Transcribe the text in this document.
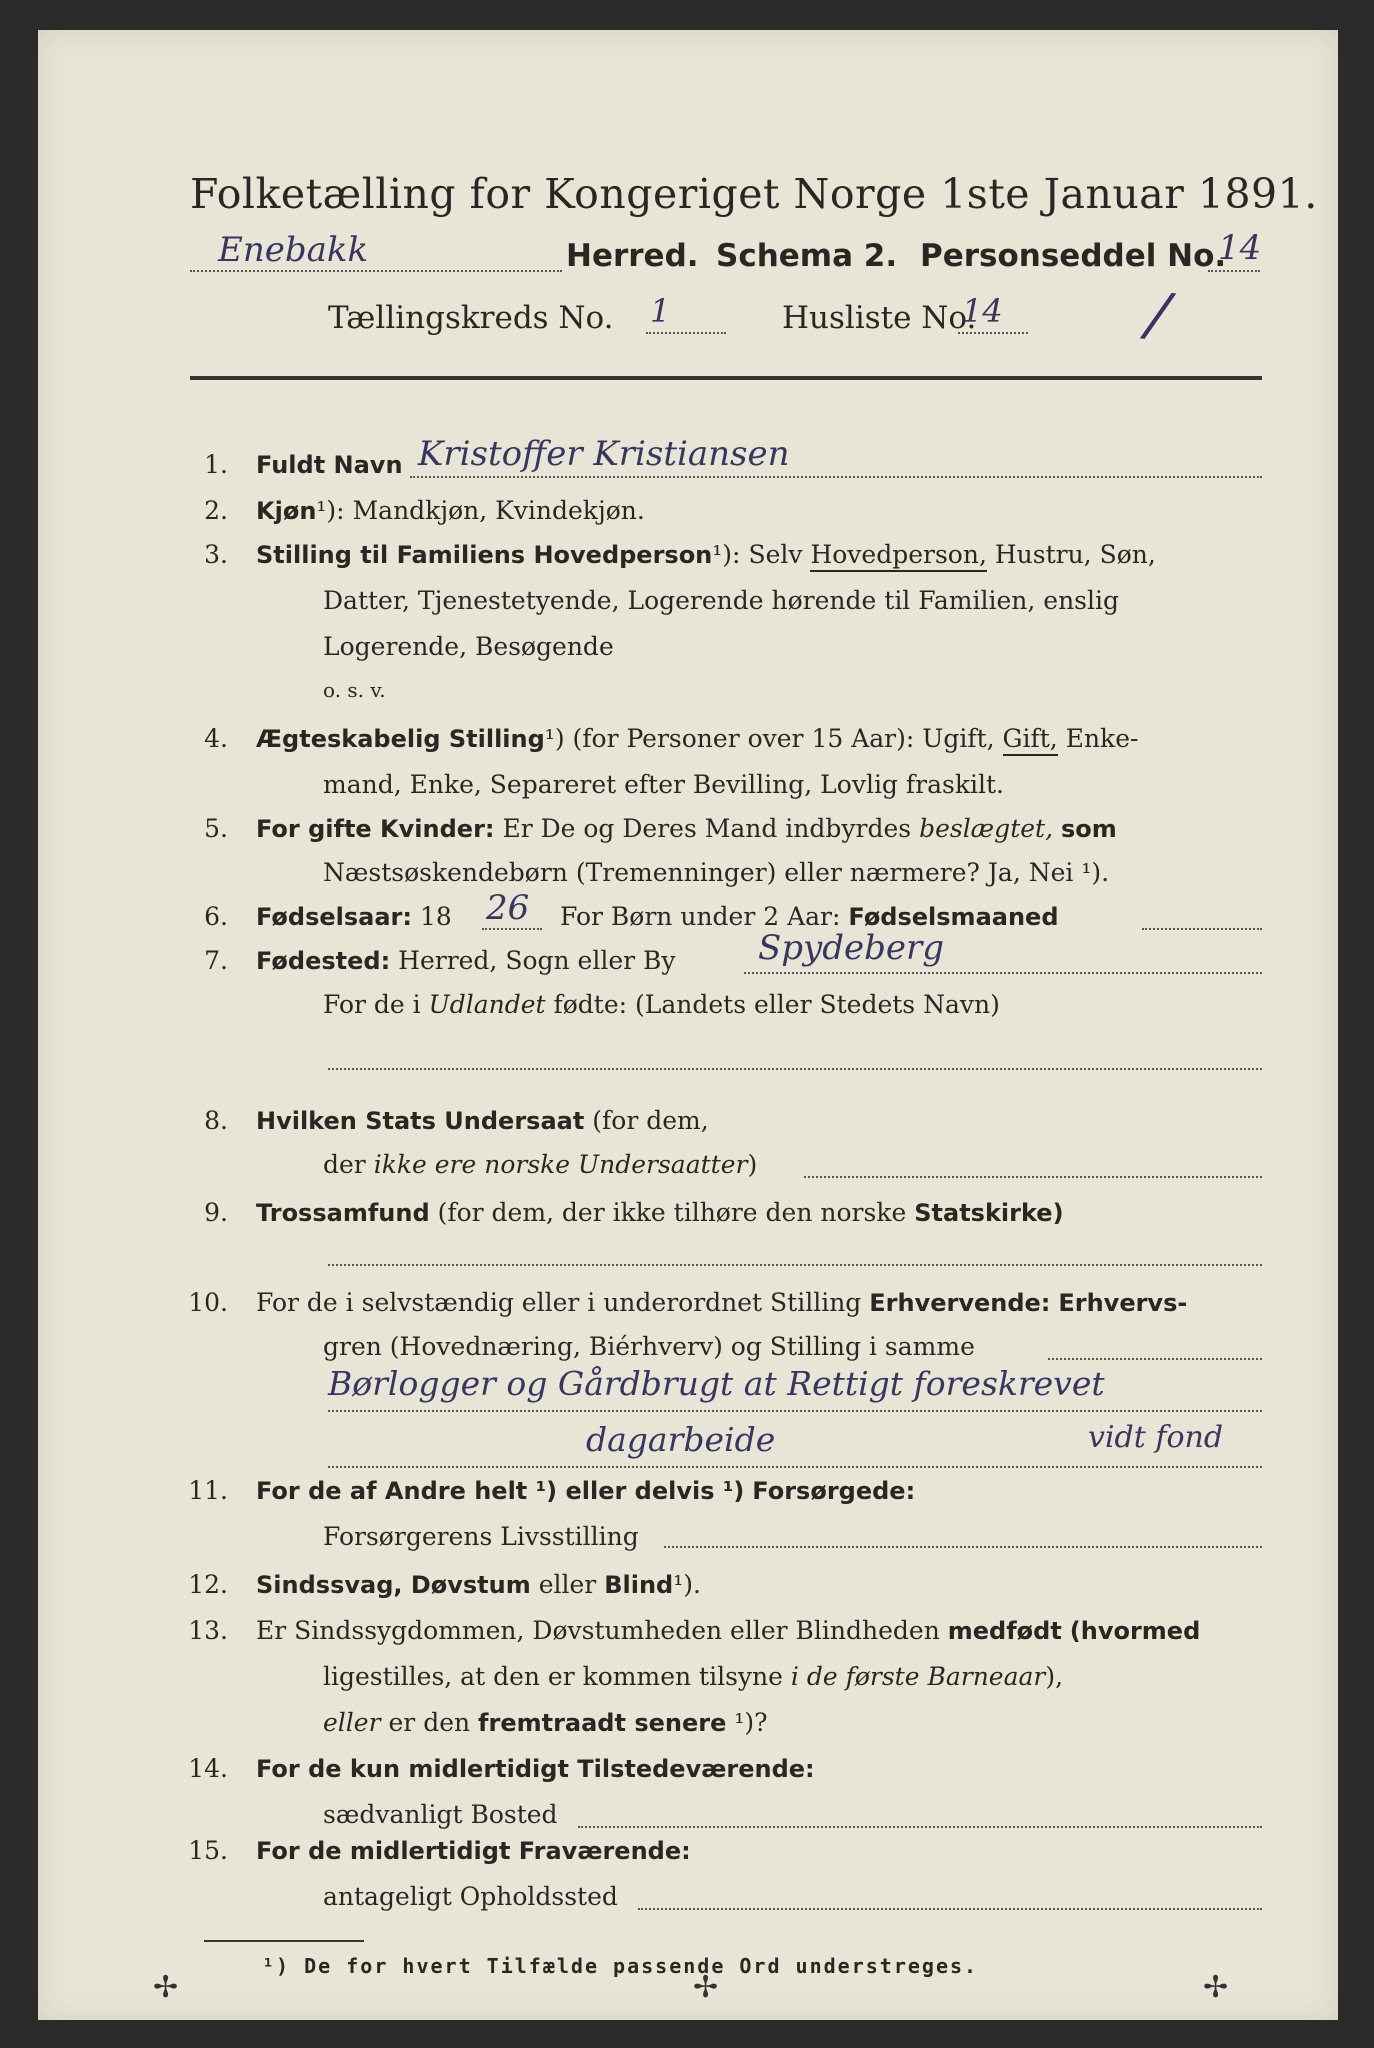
Folketælling for Kongeriget Norge 1ste Januar 1891.
Enebakk	Herred. Schema 2. Personseddel No.
14
Tællingskreds No. 1	Husliste No.
14 /
1. Fuldt Navn Kristoffer Kristiansen
2. Kjøn¹): Mandkjøn, Kvindekjøn.
3. Stilling til Familiens Hovedperson¹): Selv Hovedperson, Hustru, Søn,
Datter, Tjenestetyende, Logerende hørende til Familien, enslig
Logerende, Besøgende
o. s. v.
4. Ægteskabelig Stilling¹) (for Personer over 15 Aar): Ugift, Gift, Enke-
mand, Enke, Separeret efter Bevilling, Lovlig fraskilt.
5. For gifte Kvinder: Er De og Deres Mand indbyrdes beslægtet, som
Næstsøskendebørn (Tremenninger) eller nærmere? Ja, Nei ¹).
6. Fødselsaar: 18 26 For Børn under 2 Aar: Fødselsmaaned
7. Fødested: Herred, Sogn eller By Spydeberg
For de i Udlandet fødte: (Landets eller Stedets Navn)
8. Hvilken Stats Undersaat (for dem,
der ikke ere norske Undersaatter)
9. Trossamfund (for dem, der ikke tilhøre den norske Statskirke)
10. For de i selvstændig eller i underordnet Stilling Erhvervende: Erhvervs-
gren (Hovednæring, Biérhverv) og Stilling i samme
Børlogger og Gårdbrugt at Rettigt foreskrevet
dagarbeide	vidt fond
11. For de af Andre helt ¹) eller delvis ¹) Forsørgede:
Forsørgerens Livsstilling
12. Sindssvag, Døvstum eller Blind¹).
13. Er Sindssygdommen, Døvstumheden eller Blindheden medfødt (hvormed
ligestilles, at den er kommen tilsyne i de første Barneaar),
eller er den fremtraadt senere ¹)?
14. For de kun midlertidigt Tilstedeværende:
sædvanligt Bosted
15. For de midlertidigt Fraværende:
antageligt Opholdssted
¹) De for hvert Tilfælde passende Ord understreges.
✢	✢	✢
